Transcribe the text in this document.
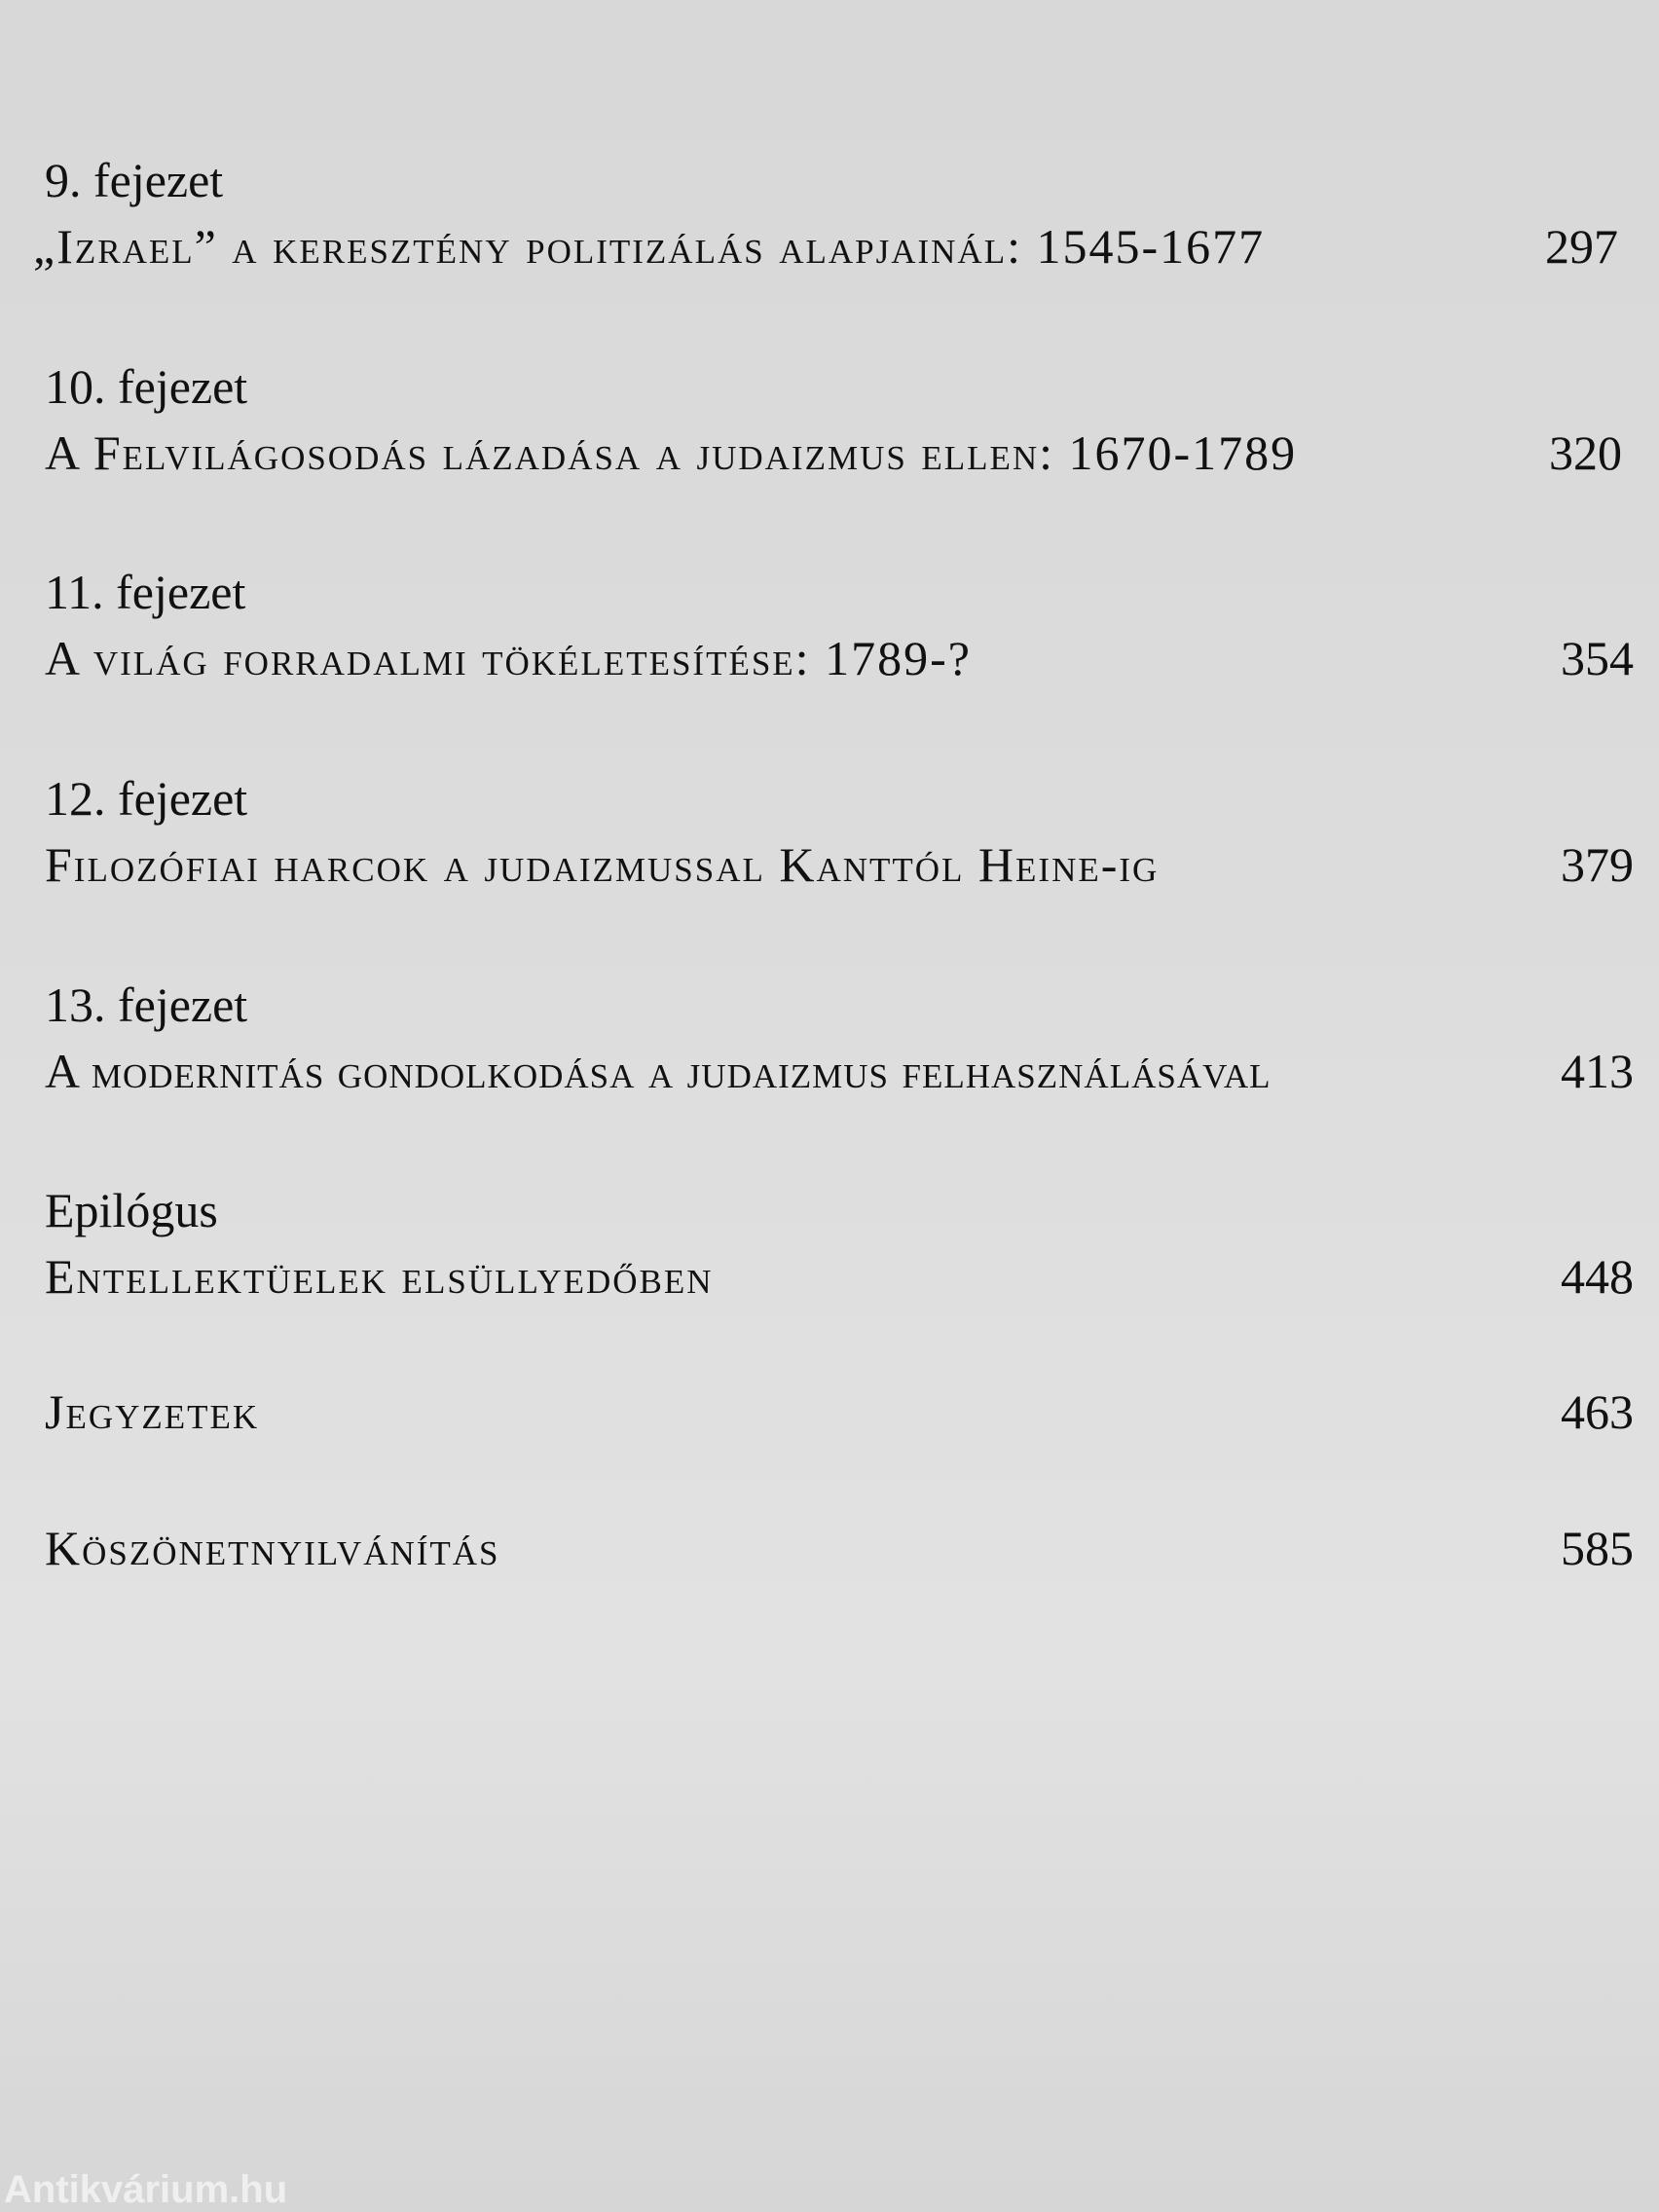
9. fejezet
„Izrael” a keresztény politizálás alapjainál: 1545-1677	297
10. fejezet
A Felvilágosodás lázadása a judaizmus ellen: 1670-1789	320
11. fejezet
A világ forradalmi tökéletesítése: 1789-?	354
12. fejezet
Filozófiai harcok a judaizmussal Kanttól Heine-ig	379
13. fejezet
A modernitás gondolkodása a judaizmus felhasználásával	413
Epilógus
Entellektüelek elsüllyedőben	448
Jegyzetek	463
Köszönetnyilvánítás	585
Antikvárium.hu
